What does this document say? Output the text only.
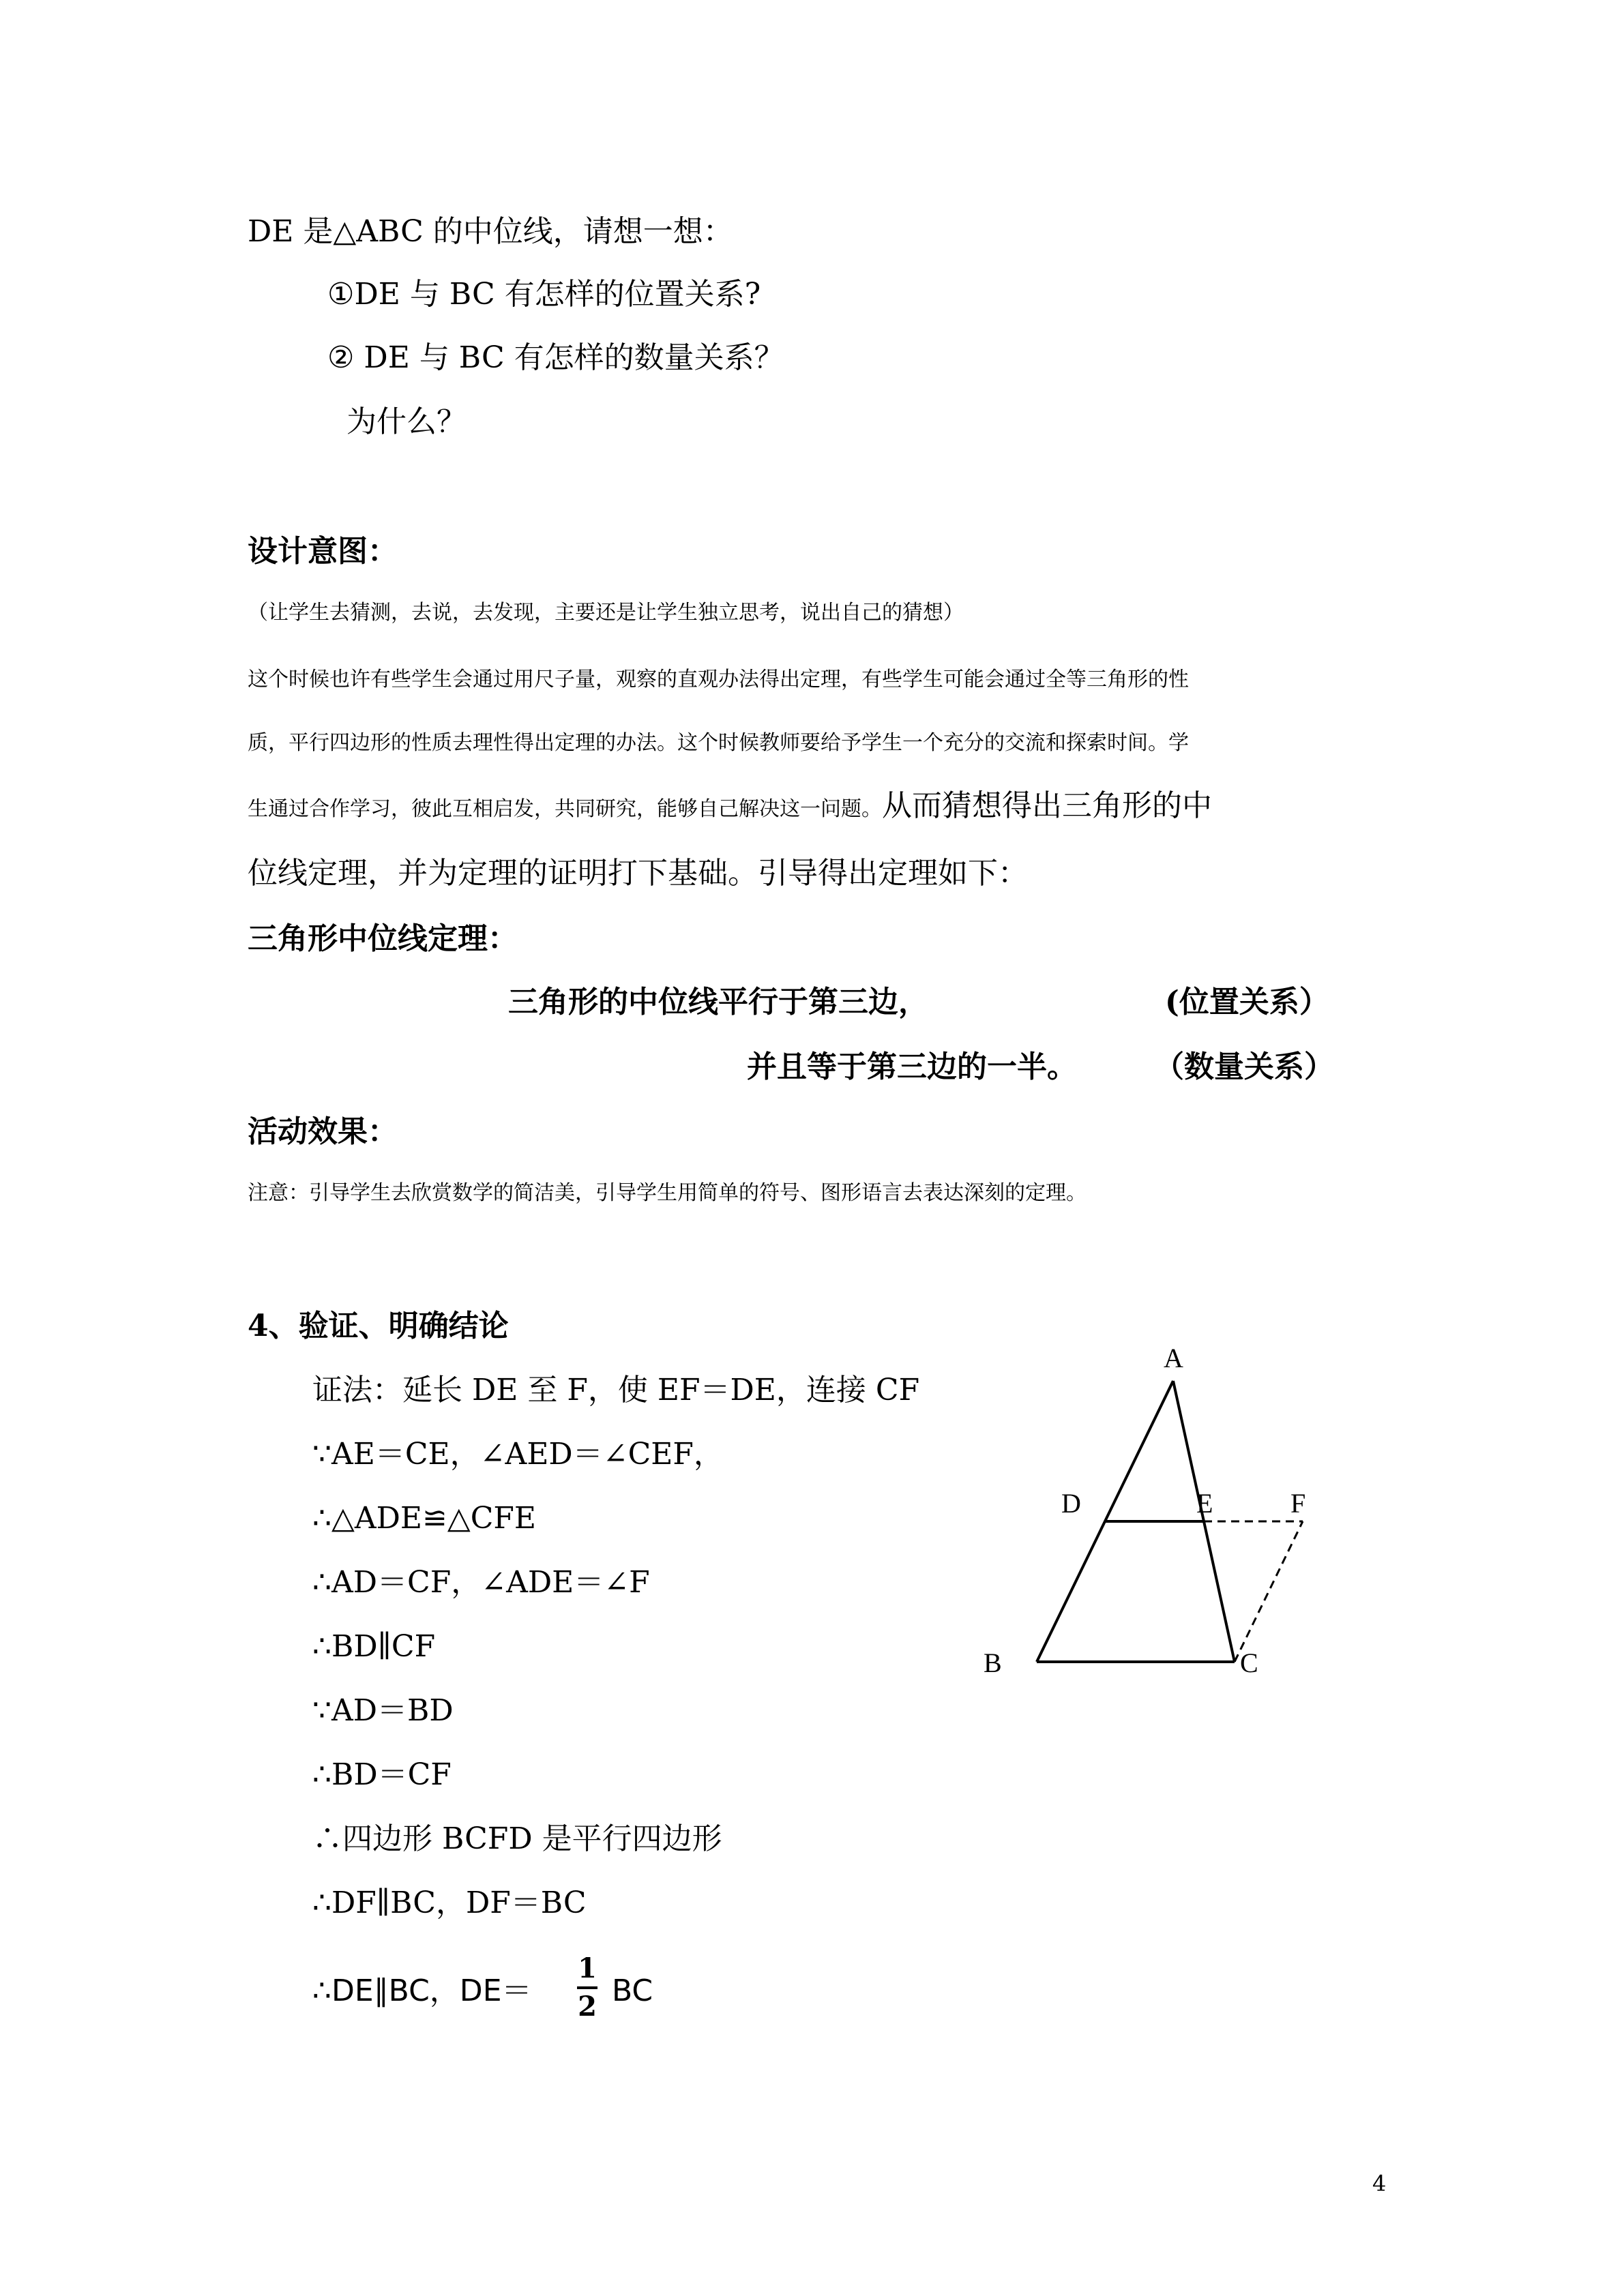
DE 是△ABC 的中位线，请想一想：
①DE 与 BC 有怎样的位置关系?
② DE 与 BC 有怎样的数量关系？
为什么？
设计意图：
（让学生去猜测，去说，去发现，主要还是让学生独立思考，说出自己的猜想）
这个时候也许有些学生会通过用尺子量，观察的直观办法得出定理，有些学生可能会通过全等三角形的性
质，平行四边形的性质去理性得出定理的办法。这个时候教师要给予学生一个充分的交流和探索时间。学
生通过合作学习，彼此互相启发，共同研究，能够自己解决这一问题。从而猜想得出三角形的中
位线定理，并为定理的证明打下基础。引导得出定理如下：
三角形中位线定理：
三角形的中位线平行于第三边，	(位置关系）
并且等于第三边的一半。	（数量关系）
活动效果：
注意：引导学生去欣赏数学的简洁美，引导学生用简单的符号、图形语言去表达深刻的定理。
4、验证、明确结论
证法：延长 DE 至 F，使 EF＝DE，连接 CF
∵AE＝CE，∠AED＝∠CEF，
∴△ADE≌△CFE
∴AD＝CF，∠ADE＝∠F
∴BD∥CF
∵AD＝BD
∴BD＝CF
∴四边形 BCFD 是平行四边形
∴DF∥BC，DF＝BC
∴DE∥BC，DE＝
1
2 BC
A
B	C
D	E	F
4
